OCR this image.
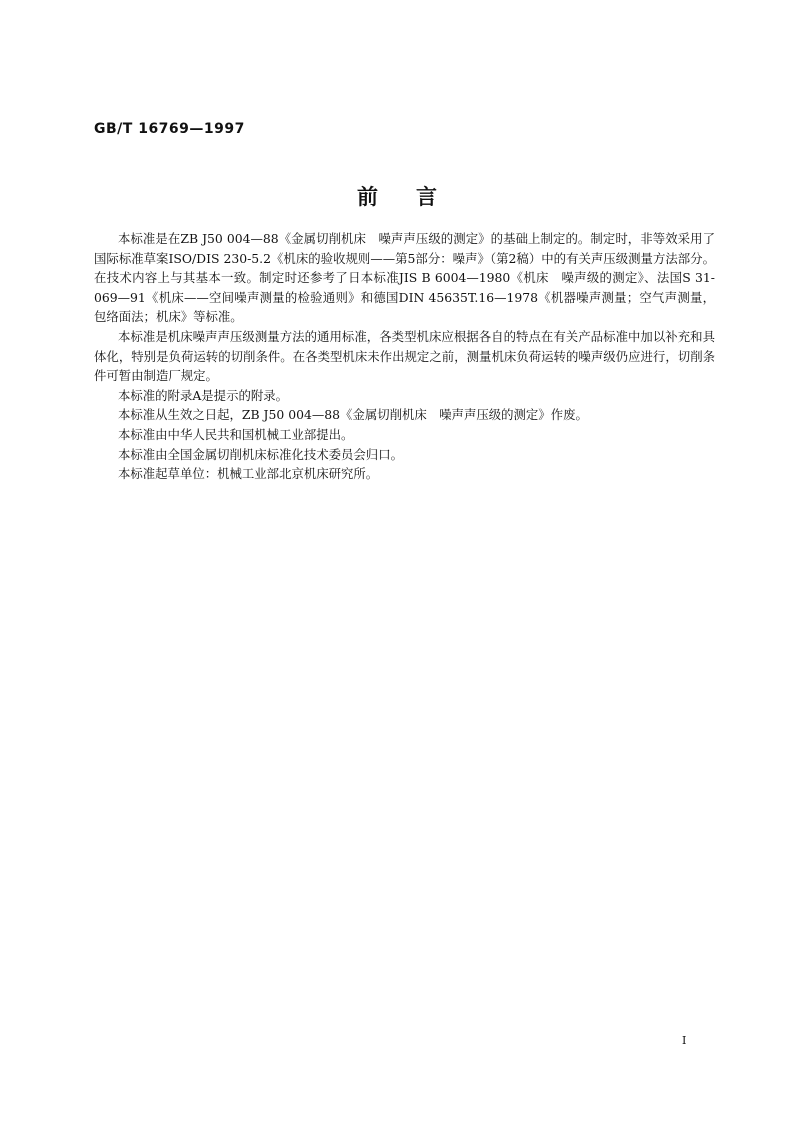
GB/T 16769—1997
前言

本标准是在ZB J50 004—88《金属切削机床　噪声声压级的测定》的基础上制定的。制定时，非等效采用了国际标准草案ISO/DIS 230-5.2《机床的验收规则——第5部分：噪声》（第2稿）中的有关声压级测量方法部分。在技术内容上与其基本一致。制定时还参考了日本标准JIS B 6004—1980《机床　噪声级的测定》、法国S 31-069—91《机床——空间噪声测量的检验通则》和德国DIN 45635T.16—1978《机器噪声测量；空气声测量，包络面法；机床》等标准。

本标准是机床噪声声压级测量方法的通用标准，各类型机床应根据各自的特点在有关产品标准中加以补充和具体化，特别是负荷运转的切削条件。在各类型机床未作出规定之前，测量机床负荷运转的噪声级仍应进行，切削条件可暂由制造厂规定。

本标准的附录A是提示的附录。

本标准从生效之日起，ZB J50 004—88《金属切削机床　噪声声压级的测定》作废。

本标准由中华人民共和国机械工业部提出。

本标准由全国金属切削机床标准化技术委员会归口。

本标准起草单位：机械工业部北京机床研究所。

I
